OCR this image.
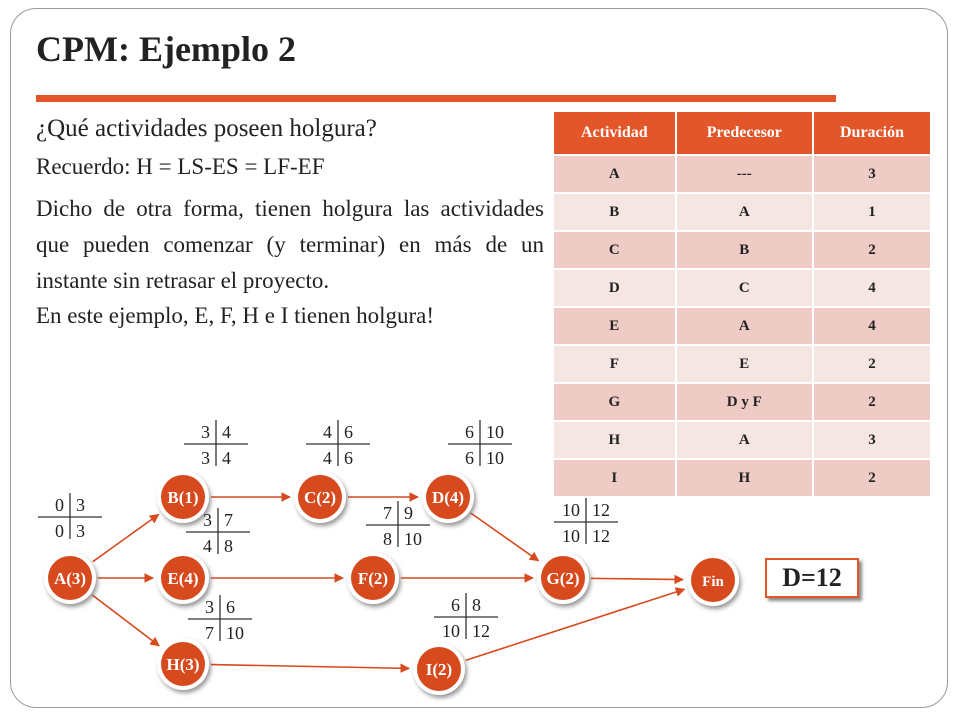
CPM: Ejemplo 2

¿Qué actividades poseen holgura?

Recuerdo: H = LS-ES = LF-EF

Dicho de otra forma, tienen holgura las actividades que pueden comenzar (y terminar) en más de un instante sin retrasar el proyecto.

En este ejemplo, E, F, H e I tienen holgura!

Actividad	Predecesor	Duración
A	---	3
B	A	1
C	B	2
D	C	4
E	A	4
F	E	2
G	D y F	2
H	A	3
I	H	2
A(3)
B(1)	C(2)	D(4)
E(4)	F(2)	G(2)
H(3)	I(2)
Fin
0 3
0 3
3 4
3 4
4 6
4 6
6 10
6 10
3 7
4 8
7 9
8 10
10 12
10 12
3 6
7 10
6 8
10 12
D=12
